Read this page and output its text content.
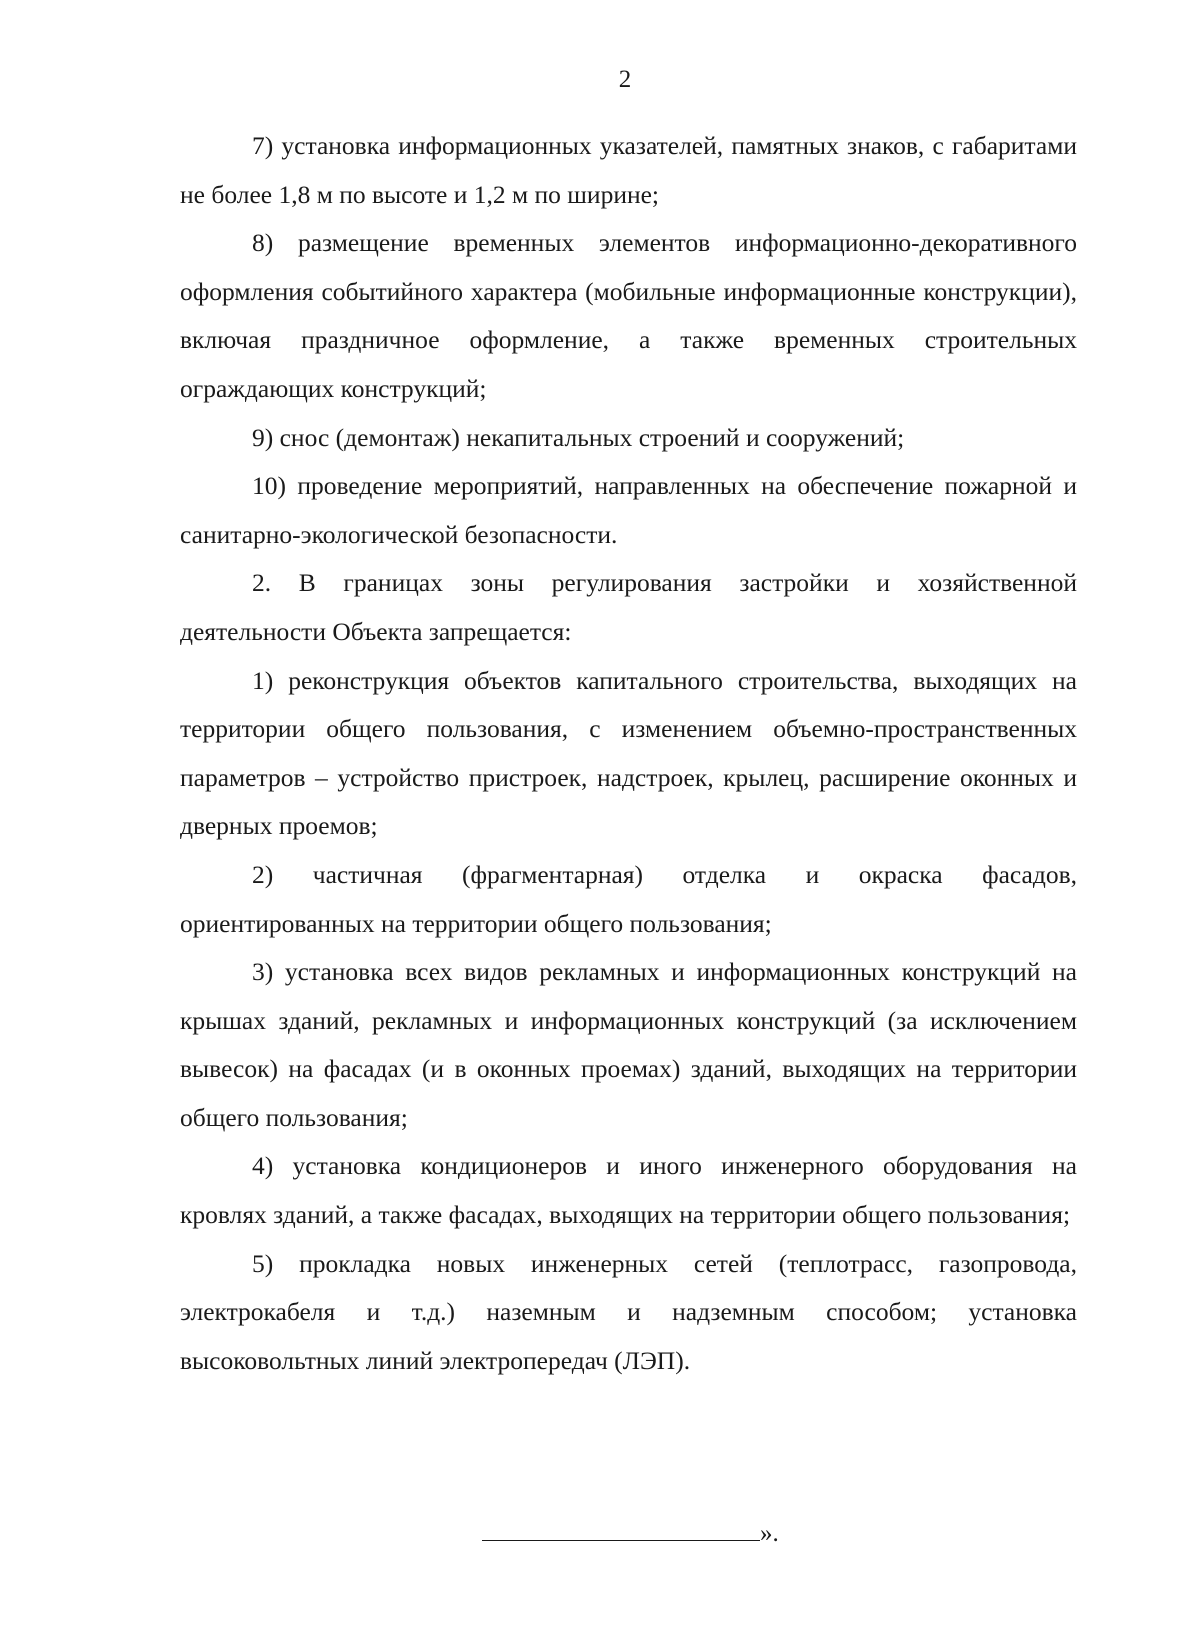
2

7) установка информационных указателей, памятных знаков, с габаритами не более 1,8 м по высоте и 1,2 м по ширине;

8) размещение временных элементов информационно-декоративного оформления событийного характера (мобильные информационные конструкции), включая праздничное оформление, а также временных строительных ограждающих конструкций;

9) снос (демонтаж) некапитальных строений и сооружений;

10) проведение мероприятий, направленных на обеспечение пожарной и санитарно-экологической безопасности.

2. В границах зоны регулирования застройки и хозяйственной деятельности Объекта запрещается:

1) реконструкция объектов капитального строительства, выходящих на территории общего пользования, с изменением объемно-пространственных параметров – устройство пристроек, надстроек, крылец, расширение оконных и дверных проемов;

2) частичная (фрагментарная) отделка и окраска фасадов, ориентированных на территории общего пользования;

3) установка всех видов рекламных и информационных конструкций на крышах зданий, рекламных и информационных конструкций (за исключением вывесок) на фасадах (и в оконных проемах) зданий, выходящих на территории общего пользования;

4) установка кондиционеров и иного инженерного оборудования на кровлях зданий, а также фасадах, выходящих на территории общего пользования;

5) прокладка новых инженерных сетей (теплотрасс, газопровода, электрокабеля и т.д.) наземным и надземным способом; установка высоковольтных линий электропередач (ЛЭП).

».
